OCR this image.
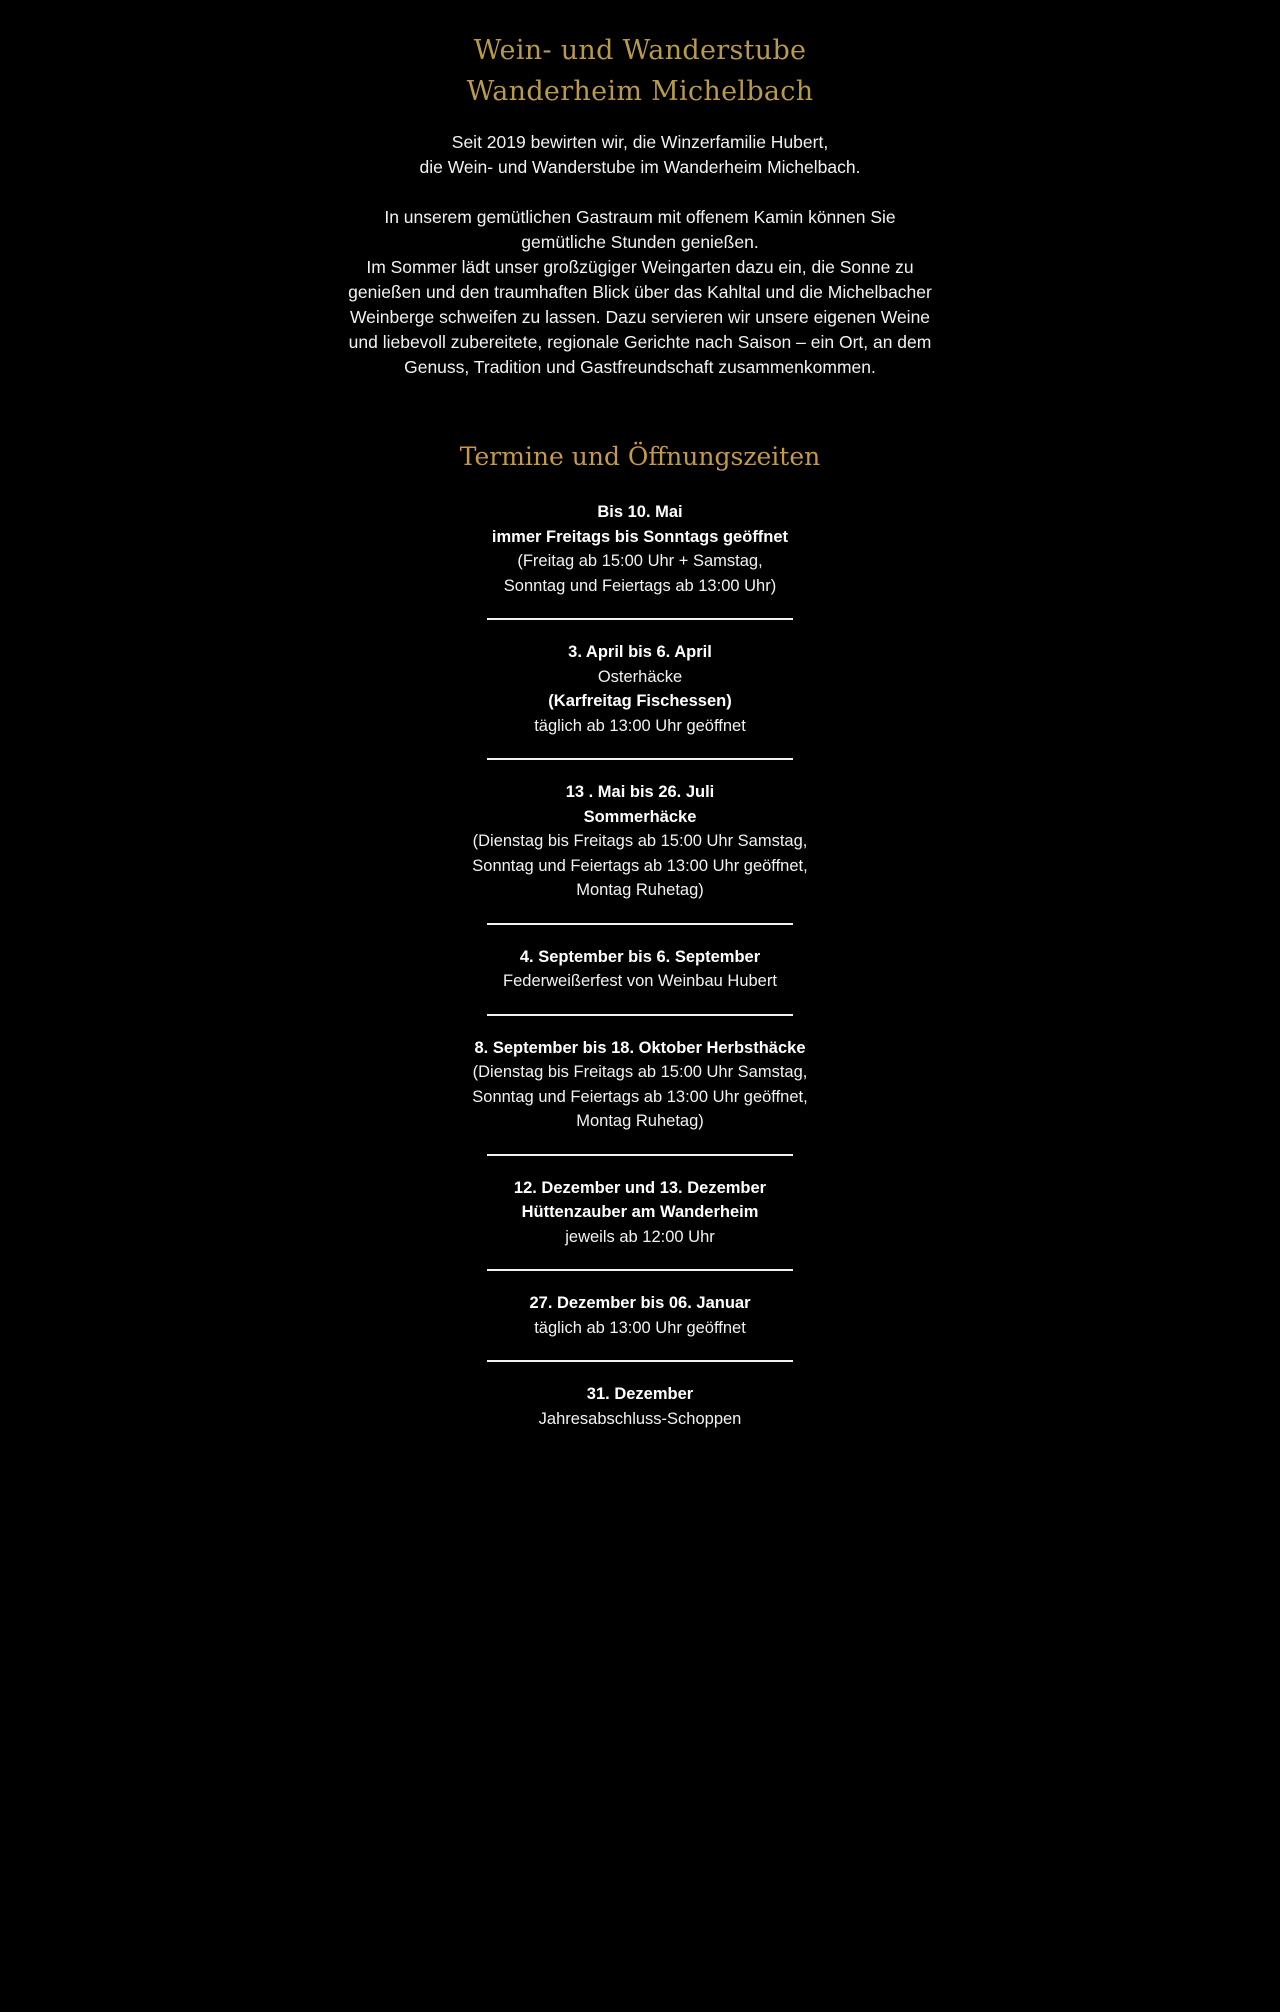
Wein- und Wanderstube
Wanderheim Michelbach
Seit 2019 bewirten wir, die Winzerfamilie Hubert,
die Wein- und Wanderstube im Wanderheim Michelbach.
In unserem gemütlichen Gastraum mit offenem Kamin können Sie
gemütliche Stunden genießen.
Im Sommer lädt unser großzügiger Weingarten dazu ein, die Sonne zu
genießen und den traumhaften Blick über das Kahltal und die Michelbacher
Weinberge schweifen zu lassen. Dazu servieren wir unsere eigenen Weine
und liebevoll zubereitete, regionale Gerichte nach Saison – ein Ort, an dem
Genuss, Tradition und Gastfreundschaft zusammenkommen.
Termine und Öffnungszeiten
Bis 10. Mai
immer Freitags bis Sonntags geöffnet
(Freitag ab 15:00 Uhr + Samstag,
Sonntag und Feiertags ab 13:00 Uhr)
3. April bis 6. April
Osterhäcke
(Karfreitag Fischessen)
täglich ab 13:00 Uhr geöffnet
13 . Mai bis 26. Juli
Sommerhäcke
(Dienstag bis Freitags ab 15:00 Uhr Samstag,
Sonntag und Feiertags ab 13:00 Uhr geöffnet,
Montag Ruhetag)
4. September bis 6. September
Federweißerfest von Weinbau Hubert
8. September bis 18. Oktober Herbsthäcke
(Dienstag bis Freitags ab 15:00 Uhr Samstag,
Sonntag und Feiertags ab 13:00 Uhr geöffnet,
Montag Ruhetag)
12. Dezember und 13. Dezember
Hüttenzauber am Wanderheim
jeweils ab 12:00 Uhr
27. Dezember bis 06. Januar
täglich ab 13:00 Uhr geöffnet
31. Dezember
Jahresabschluss-Schoppen
